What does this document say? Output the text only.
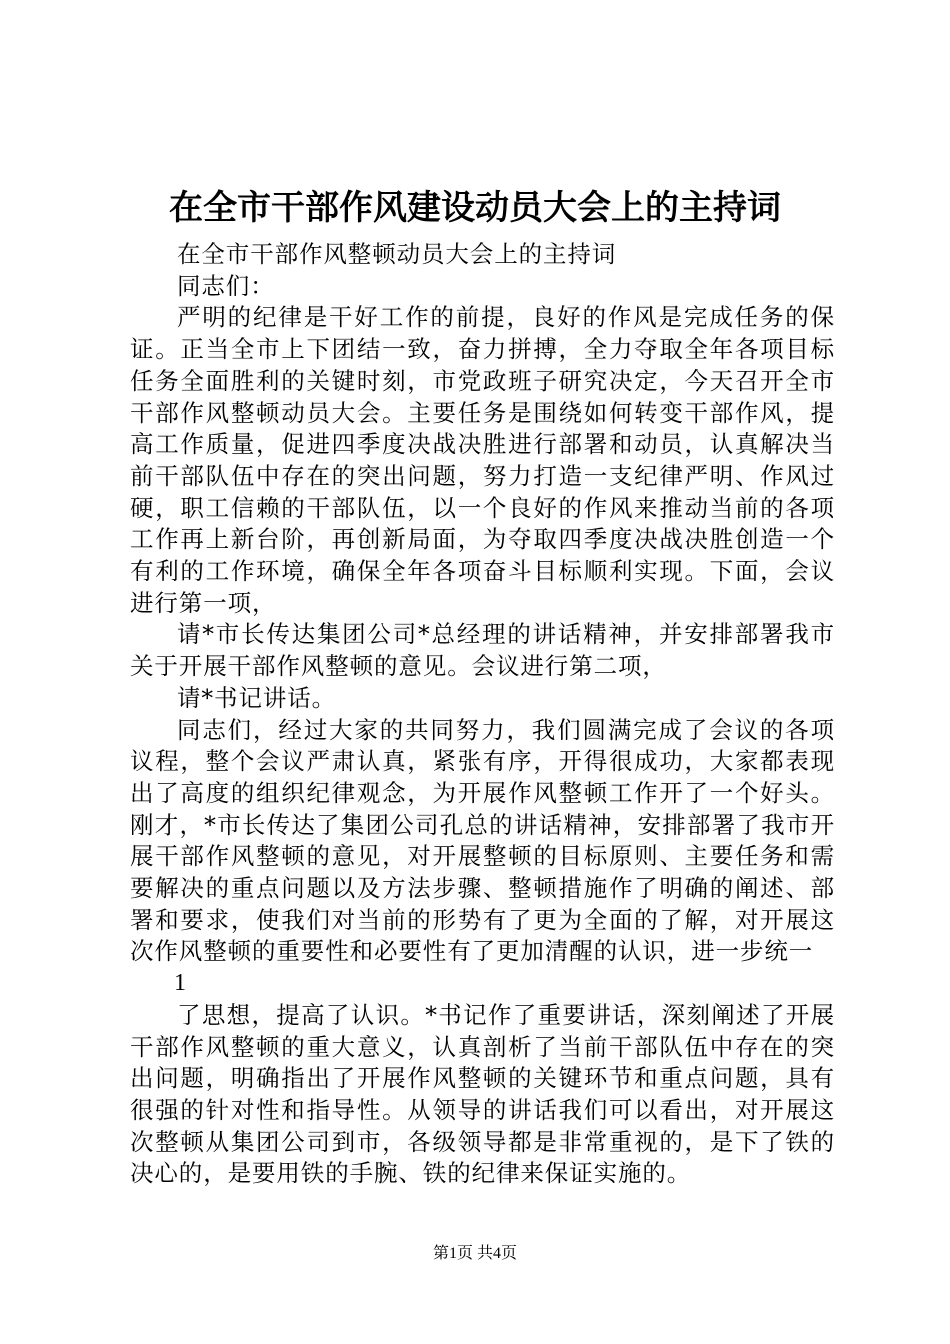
在全市干部作风建设动员大会上的主持词

在全市干部作风整顿动员大会上的主持词

同志们：

严明的纪律是干好工作的前提，良好的作风是完成任务的保证。正当全市上下团结一致，奋力拼搏，全力夺取全年各项目标任务全面胜利的关键时刻，市党政班子研究决定，今天召开全市干部作风整顿动员大会。主要任务是围绕如何转变干部作风，提高工作质量，促进四季度决战决胜进行部署和动员，认真解决当前干部队伍中存在的突出问题，努力打造一支纪律严明、作风过硬，职工信赖的干部队伍，以一个良好的作风来推动当前的各项工作再上新台阶，再创新局面，为夺取四季度决战决胜创造一个有利的工作环境，确保全年各项奋斗目标顺利实现。下面，会议进行第一项，

请*市长传达集团公司*总经理的讲话精神，并安排部署我市关于开展干部作风整顿的意见。会议进行第二项，

请*书记讲话。

同志们，经过大家的共同努力，我们圆满完成了会议的各项议程，整个会议严肃认真，紧张有序，开得很成功，大家都表现出了高度的组织纪律观念，为开展作风整顿工作开了一个好头。刚才，*市长传达了集团公司孔总的讲话精神，安排部署了我市开展干部作风整顿的意见，对开展整顿的目标原则、主要任务和需要解决的重点问题以及方法步骤、整顿措施作了明确的阐述、部署和要求，使我们对当前的形势有了更为全面的了解，对开展这次作风整顿的重要性和必要性有了更加清醒的认识，进一步统一

1

了思想，提高了认识。*书记作了重要讲话，深刻阐述了开展干部作风整顿的重大意义，认真剖析了当前干部队伍中存在的突出问题，明确指出了开展作风整顿的关键环节和重点问题，具有很强的针对性和指导性。从领导的讲话我们可以看出，对开展这次整顿从集团公司到市，各级领导都是非常重视的，是下了铁的决心的，是要用铁的手腕、铁的纪律来保证实施的。

第1页 共4页
